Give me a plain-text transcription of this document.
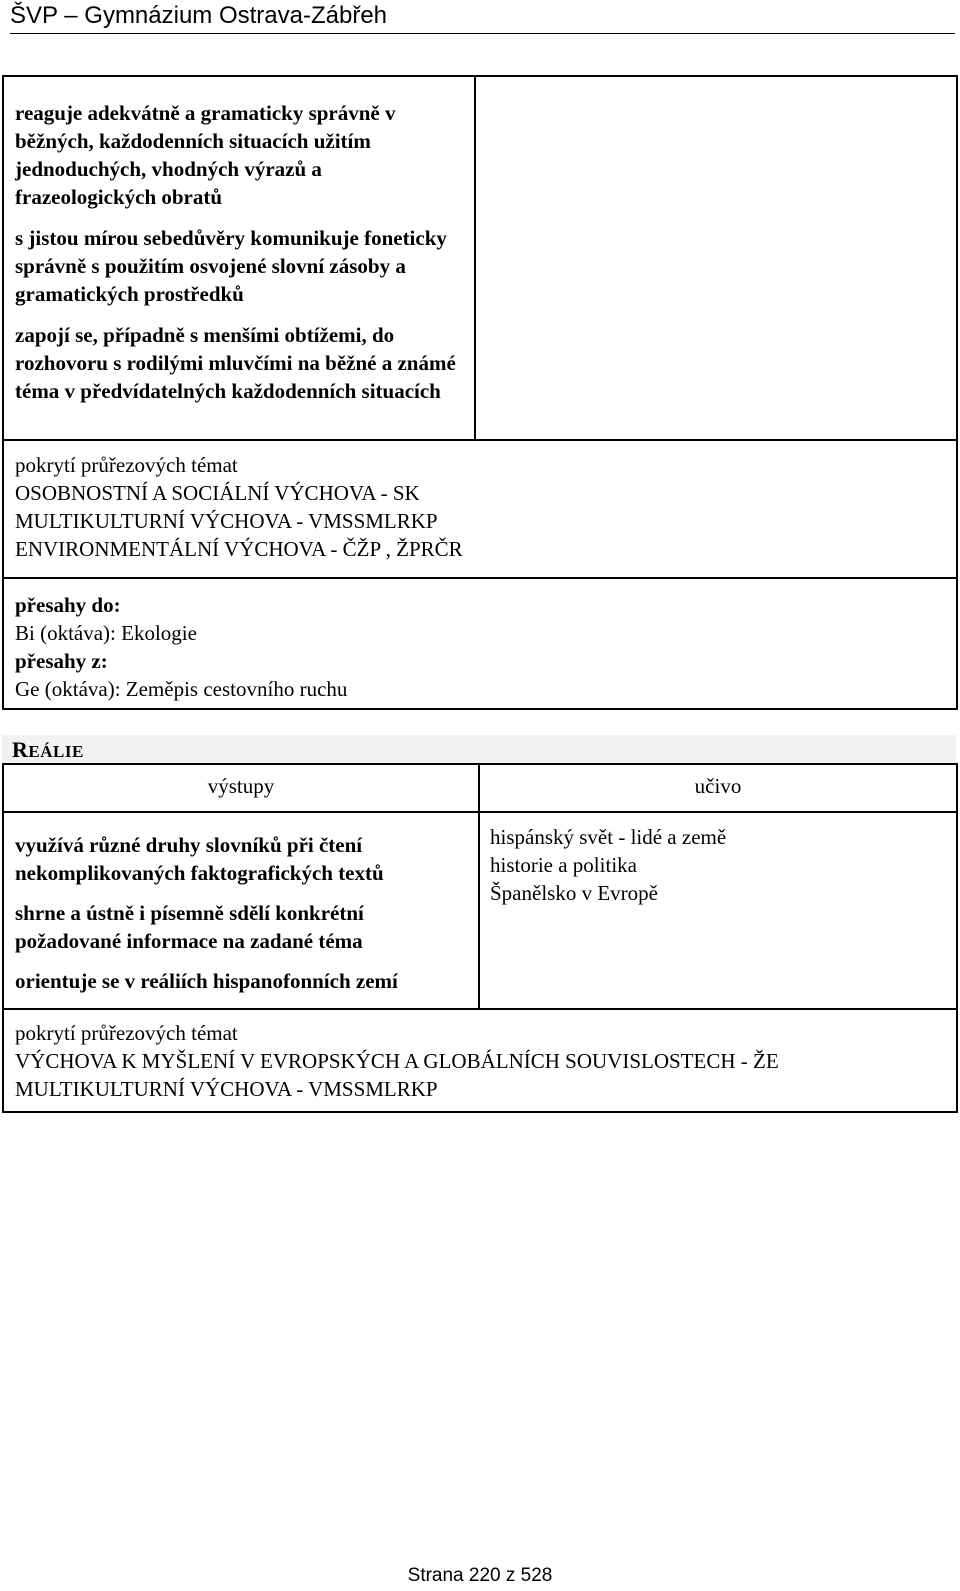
ŠVP – Gymnázium Ostrava-Zábřeh

reaguje adekvátně a gramaticky správně v běžných, každodenních situacích užitím jednoduchých, vhodných výrazů a frazeologických obratů

s jistou mírou sebedůvěry komunikuje foneticky správně s použitím osvojené slovní zásoby a gramatických prostředků

zapojí se, případně s menšími obtížemi, do rozhovoru s rodilými mluvčími na běžné a známé téma v předvídatelných každodenních situacích

pokrytí průřezových témat

OSOBNOSTNÍ A SOCIÁLNÍ VÝCHOVA - SK

MULTIKULTURNÍ VÝCHOVA - VMSSMLRKP

ENVIRONMENTÁLNÍ VÝCHOVA - ČŽP , ŽPRČR

přesahy do:

Bi (oktáva): Ekologie

přesahy z:

Ge (oktáva): Zeměpis cestovního ruchu

REÁLIE
výstupy	učivo

využívá různé druhy slovníků při čtení nekomplikovaných faktografických textů

shrne a ústně i písemně sdělí konkrétní požadované informace na zadané téma

orientuje se v reáliích hispanofonních zemí

hispánský svět - lidé a země

historie a politika

Španělsko v Evropě

pokrytí průřezových témat

VÝCHOVA K MYŠLENÍ V EVROPSKÝCH A GLOBÁLNÍCH SOUVISLOSTECH - ŽE

MULTIKULTURNÍ VÝCHOVA - VMSSMLRKP

Strana 220 z 528
